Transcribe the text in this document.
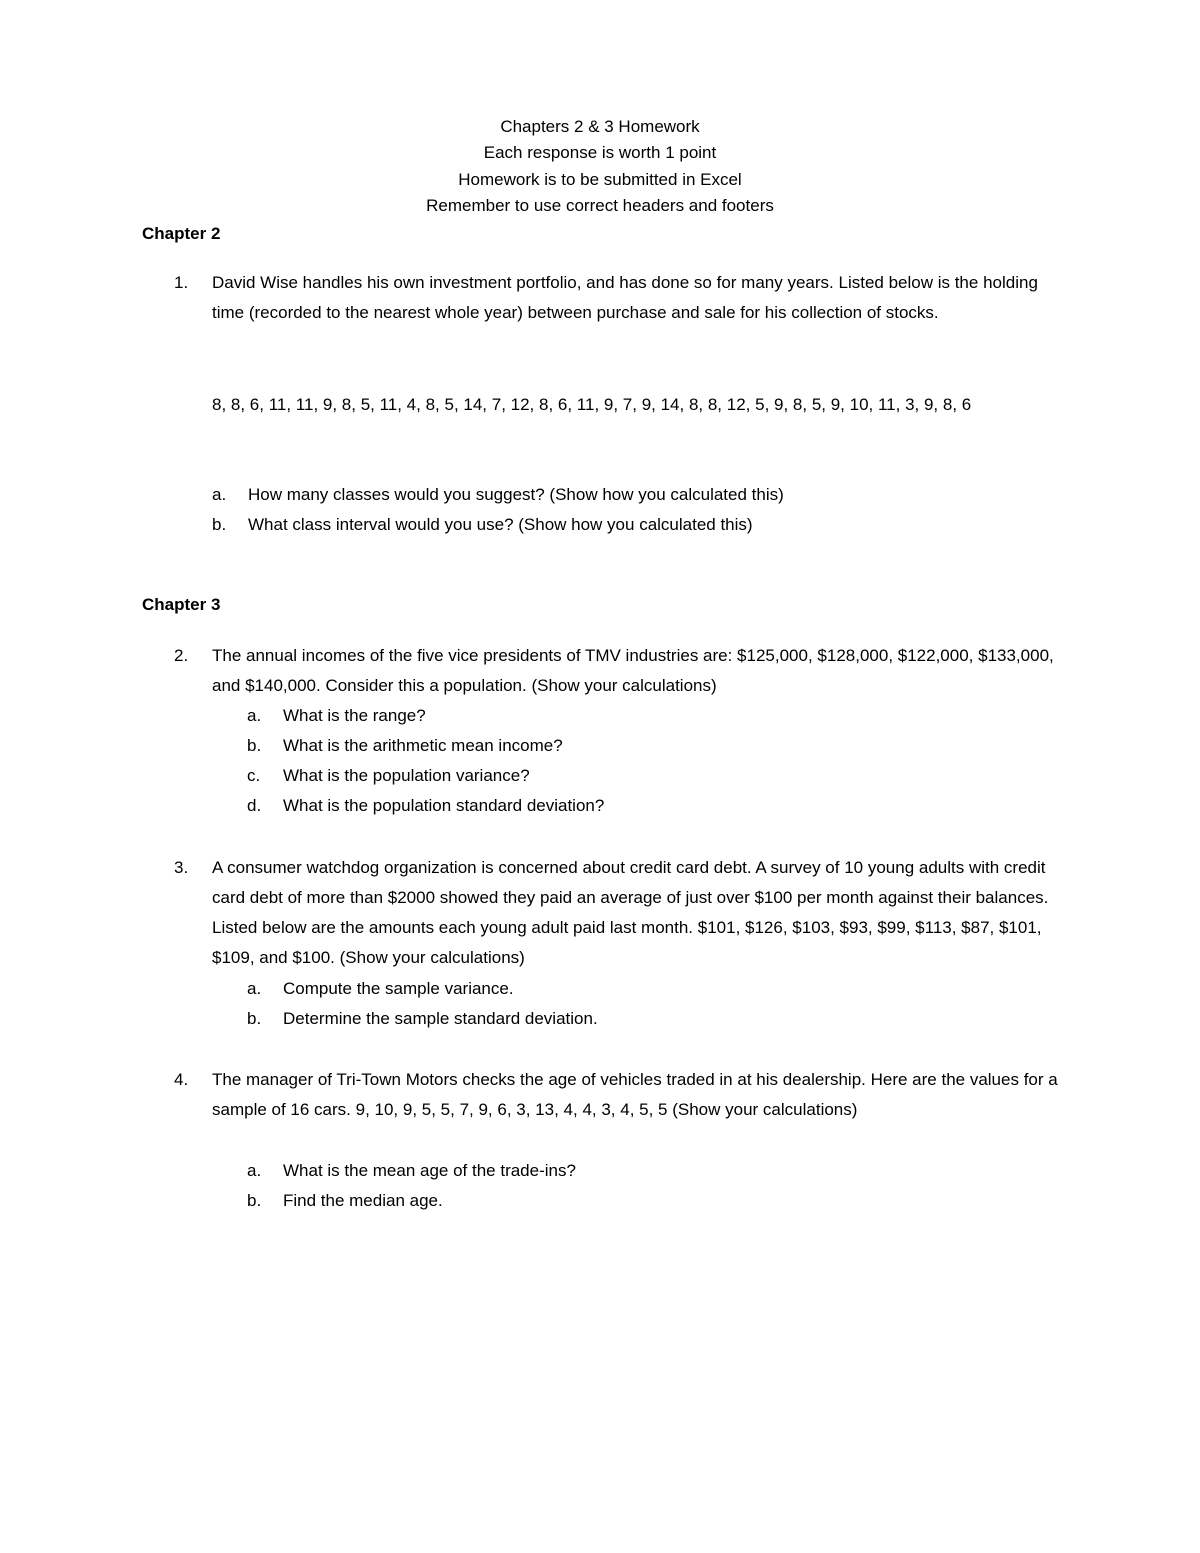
Chapters 2 & 3 Homework
Each response is worth 1 point
Homework is to be submitted in Excel
Remember to use correct headers and footers
Chapter 2
1. David Wise handles his own investment portfolio, and has done so for many years. Listed below is the holding time (recorded to the nearest whole year) between purchase and sale for his collection of stocks.
8, 8, 6, 11, 11, 9, 8, 5, 11, 4, 8, 5, 14, 7, 12, 8, 6, 11, 9, 7, 9, 14, 8, 8, 12, 5, 9, 8, 5, 9, 10, 11, 3, 9, 8, 6
a. How many classes would you suggest? (Show how you calculated this)
b. What class interval would you use? (Show how you calculated this)
Chapter 3
2. The annual incomes of the five vice presidents of TMV industries are: $125,000, $128,000, $122,000, $133,000, and $140,000. Consider this a population. (Show your calculations)
a. What is the range?
b. What is the arithmetic mean income?
c. What is the population variance?
d. What is the population standard deviation?
3. A consumer watchdog organization is concerned about credit card debt. A survey of 10 young adults with credit card debt of more than $2000 showed they paid an average of just over $100 per month against their balances. Listed below are the amounts each young adult paid last month. $101, $126, $103, $93, $99, $113, $87, $101, $109, and $100. (Show your calculations)
a. Compute the sample variance.
b. Determine the sample standard deviation.
4. The manager of Tri-Town Motors checks the age of vehicles traded in at his dealership. Here are the values for a sample of 16 cars. 9, 10, 9, 5, 5, 7, 9, 6, 3, 13, 4, 4, 3, 4, 5, 5 (Show your calculations)
a. What is the mean age of the trade-ins?
b. Find the median age.
